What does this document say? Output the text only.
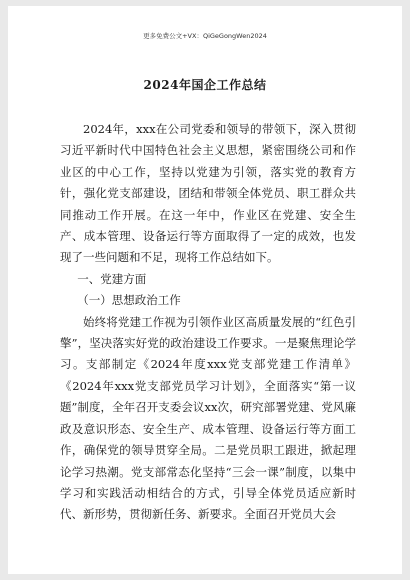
更多免费公文+VX：QiGeGongWen2024
2024年国企工作总结

2024年，xxx在公司党委和领导的带领下，深入贯彻习近平新时代中国特色社会主义思想，紧密围绕公司和作业区的中心工作，坚持以党建为引领，落实党的教育方针，强化党支部建设，团结和带领全体党员、职工群众共同推动工作开展。在这一年中，作业区在党建、安全生产、成本管理、设备运行等方面取得了一定的成效，也发现了一些问题和不足，现将工作总结如下。

一、党建方面

（一）思想政治工作

始终将党建工作视为引领作业区高质量发展的“红色引擎”，坚决落实好党的政治建设工作要求。一是聚焦理论学习。支部制定《2024年度xxx党支部党建工作清单》《2024年xxx党支部党员学习计划》，全面落实“第一议题”制度，全年召开支委会议xx次，研究部署党建、党风廉政及意识形态、安全生产、成本管理、设备运行等方面工作，确保党的领导贯穿全局。二是党员职工跟进，掀起理论学习热潮。党支部常态化坚持“三会一课”制度，以集中学习和实践活动相结合的方式，引导全体党员适应新时代、新形势，贯彻新任务、新要求。全面召开党员大会
